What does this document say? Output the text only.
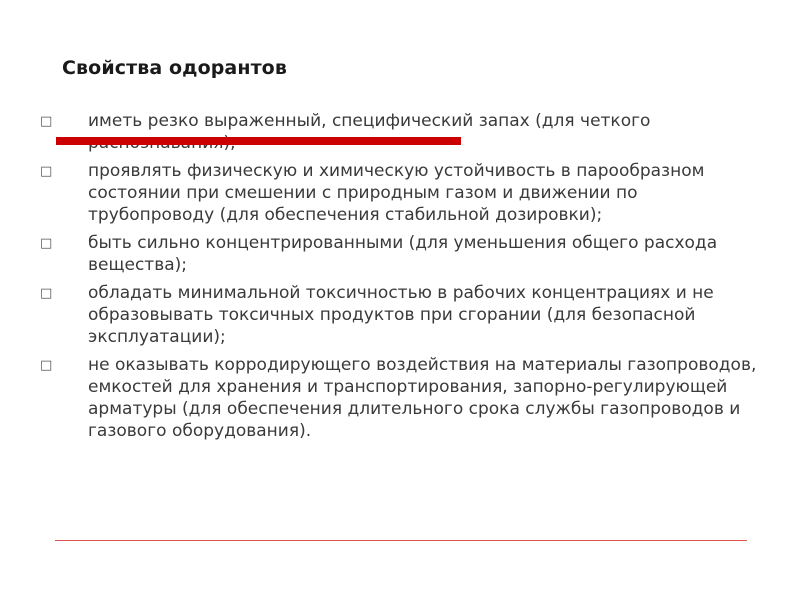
Свойства одорантов
□	иметь резко выраженный, специфический запах (для четкого
□	проявлять физическую и химическую устойчивость в парообразном состоянии при смешении с природным газом и движении по трубопроводу (для обеспечения стабильной дозировки);
□	быть сильно концентрированными (для уменьшения общего расхода вещества);
□	обладать минимальной токсичностью в рабочих концентрациях и не образовывать токсичных продуктов при сгорании (для безопасной эксплуатации);
□	не оказывать корродирующего воздействия на материалы газопроводов, емкостей для хранения и транспортирования, запорно-регулирующей арматуры (для обеспечения длительного срока службы газопроводов и газового оборудования).
